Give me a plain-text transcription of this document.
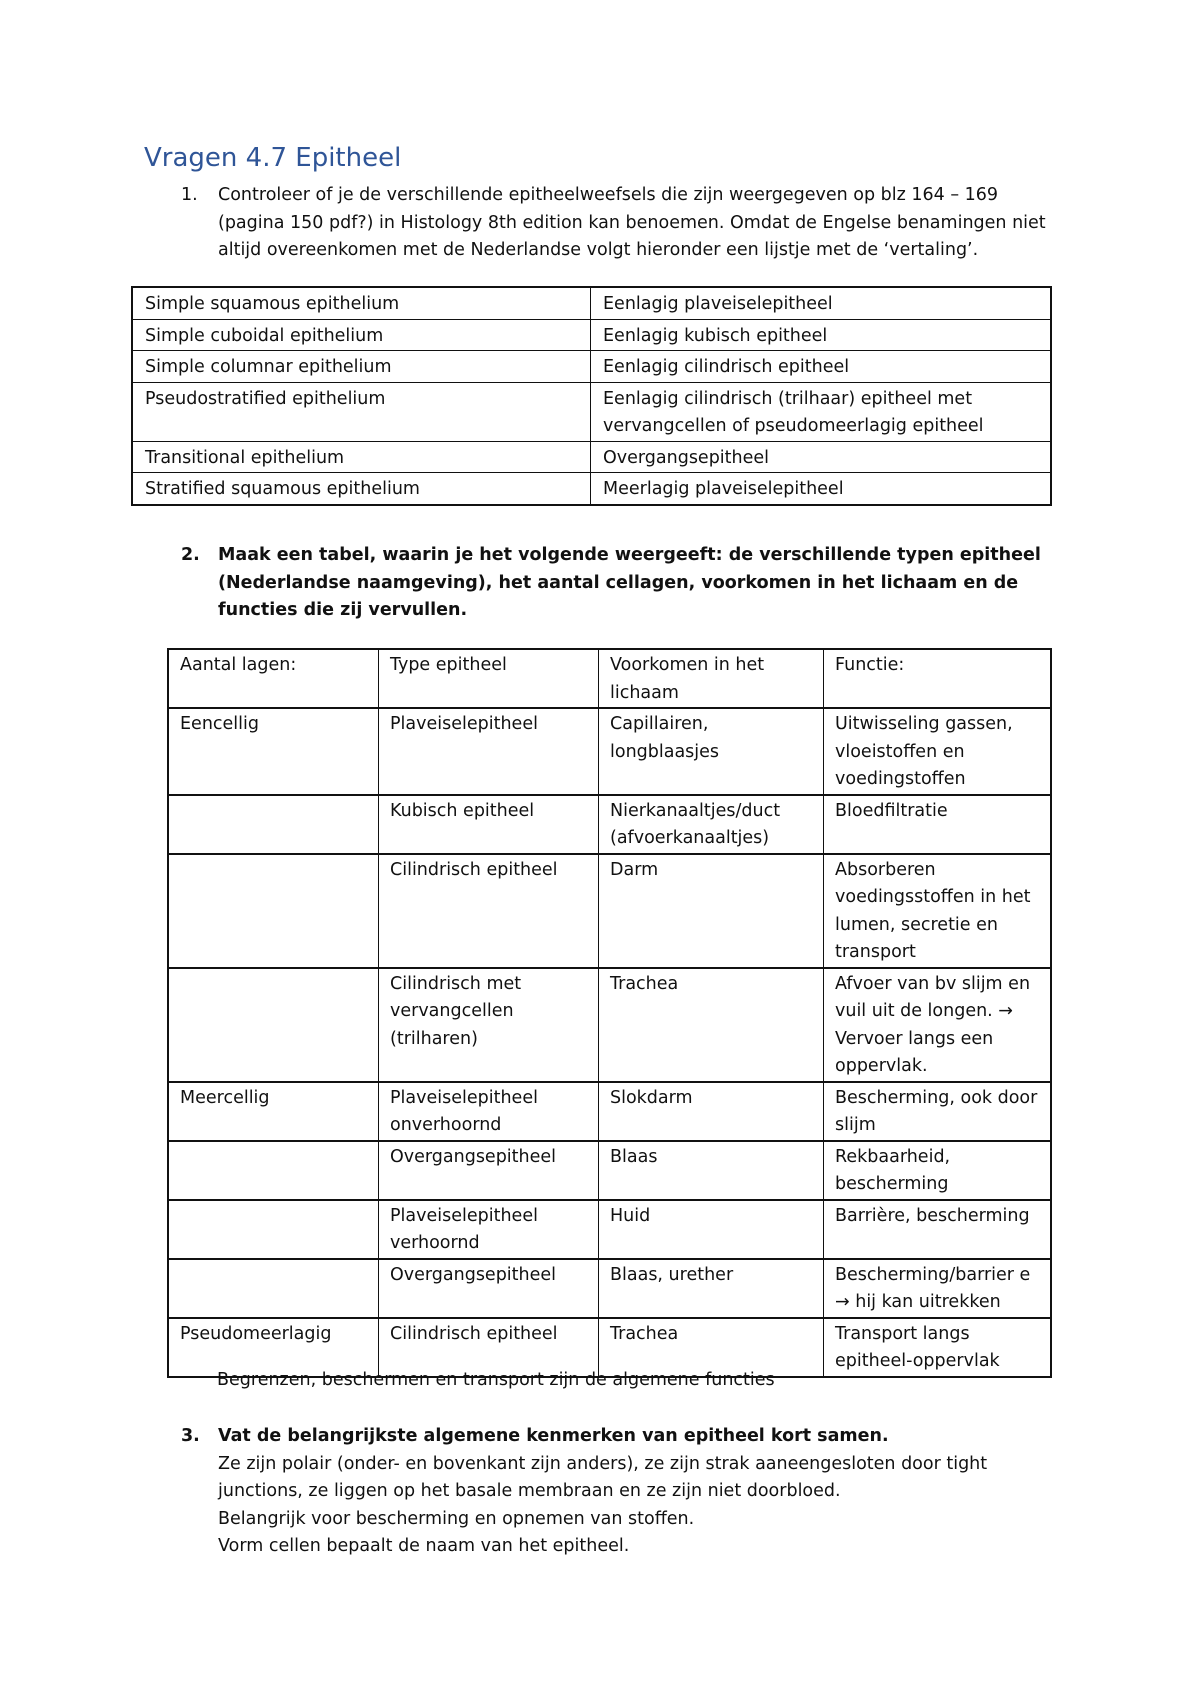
Vragen 4.7 Epitheel
1. Controleer of je de verschillende epitheelweefsels die zijn weergegeven op blz 164 – 169 (pagina 150 pdf?) in Histology 8th edition kan benoemen. Omdat de Engelse benamingen niet altijd overeenkomen met de Nederlandse volgt hieronder een lijstje met de ‘vertaling’.
Simple squamous epithelium	Eenlagig plaveiselepitheel
Simple cuboidal epithelium	Eenlagig kubisch epitheel
Simple columnar epithelium	Eenlagig cilindrisch epitheel
Pseudostratified epithelium	Eenlagig cilindrisch (trilhaar) epitheel met vervangcellen of pseudomeerlagig epitheel
Transitional epithelium	Overgangsepitheel
Stratified squamous epithelium	Meerlagig plaveiselepitheel
2. Maak een tabel, waarin je het volgende weergeeft: de verschillende typen epitheel (Nederlandse naamgeving), het aantal cellagen, voorkomen in het lichaam en de functies die zij vervullen.
Aantal lagen:	Type epitheel	Voorkomen in het lichaam	Functie:
Eencellig	Plaveiselepitheel	Capillairen, longblaasjes	Uitwisseling gassen, vloeistoffen en voedingstoffen
	Kubisch epitheel	Nierkanaaltjes/duct (afvoerkanaaltjes)	Bloedfiltratie
	Cilindrisch epitheel	Darm	Absorberen voedingsstoffen in het lumen, secretie en transport
	Cilindrisch met vervangcellen (trilharen)	Trachea	Afvoer van bv slijm en vuil uit de longen. → Vervoer langs een oppervlak.
Meercellig	Plaveiselepitheel onverhoornd	Slokdarm	Bescherming, ook door slijm
	Overgangsepitheel	Blaas	Rekbaarheid, bescherming
	Plaveiselepitheel verhoornd	Huid	Barrière, bescherming
	Overgangsepitheel	Blaas, urether	Bescherming/barrier e → hij kan uitrekken
Pseudomeerlagig	Cilindrisch epitheel	Trachea	Transport langs epitheel-oppervlak
Begrenzen, beschermen en transport zijn de algemene functies
3. Vat de belangrijkste algemene kenmerken van epitheel kort samen.
Ze zijn polair (onder- en bovenkant zijn anders), ze zijn strak aaneengesloten door tight junctions, ze liggen op het basale membraan en ze zijn niet doorbloed.
Belangrijk voor bescherming en opnemen van stoffen.
Vorm cellen bepaalt de naam van het epitheel.
